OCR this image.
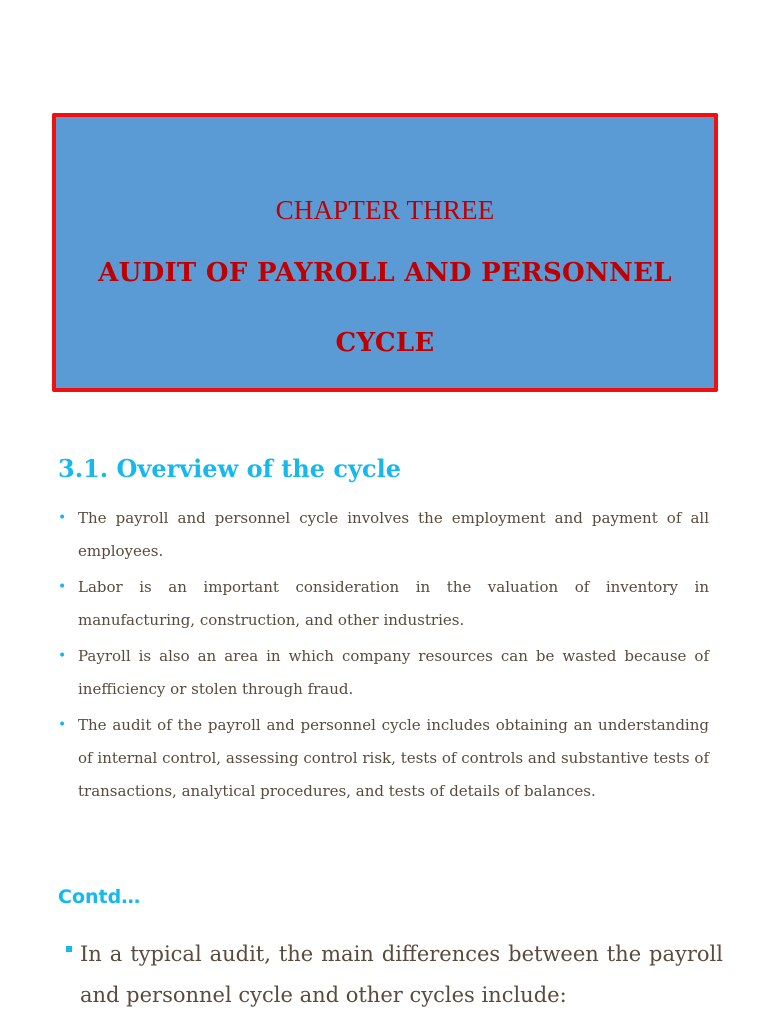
CHAPTER THREE
AUDIT OF PAYROLL AND PERSONNEL
CYCLE
3.1. Overview of the cycle
• The payroll and personnel cycle involves the employment and payment of all employees.
• Labor is an important consideration in the valuation of inventory in manufacturing, construction, and other industries.
• Payroll is also an area in which company resources can be wasted because of inefficiency or stolen through fraud.
• The audit of the payroll and personnel cycle includes obtaining an understanding of internal control, assessing control risk, tests of controls and substantive tests of transactions, analytical procedures, and tests of details of balances.
Contd…

In a typical audit, the main differences between the payroll and personnel cycle and other cycles include:
